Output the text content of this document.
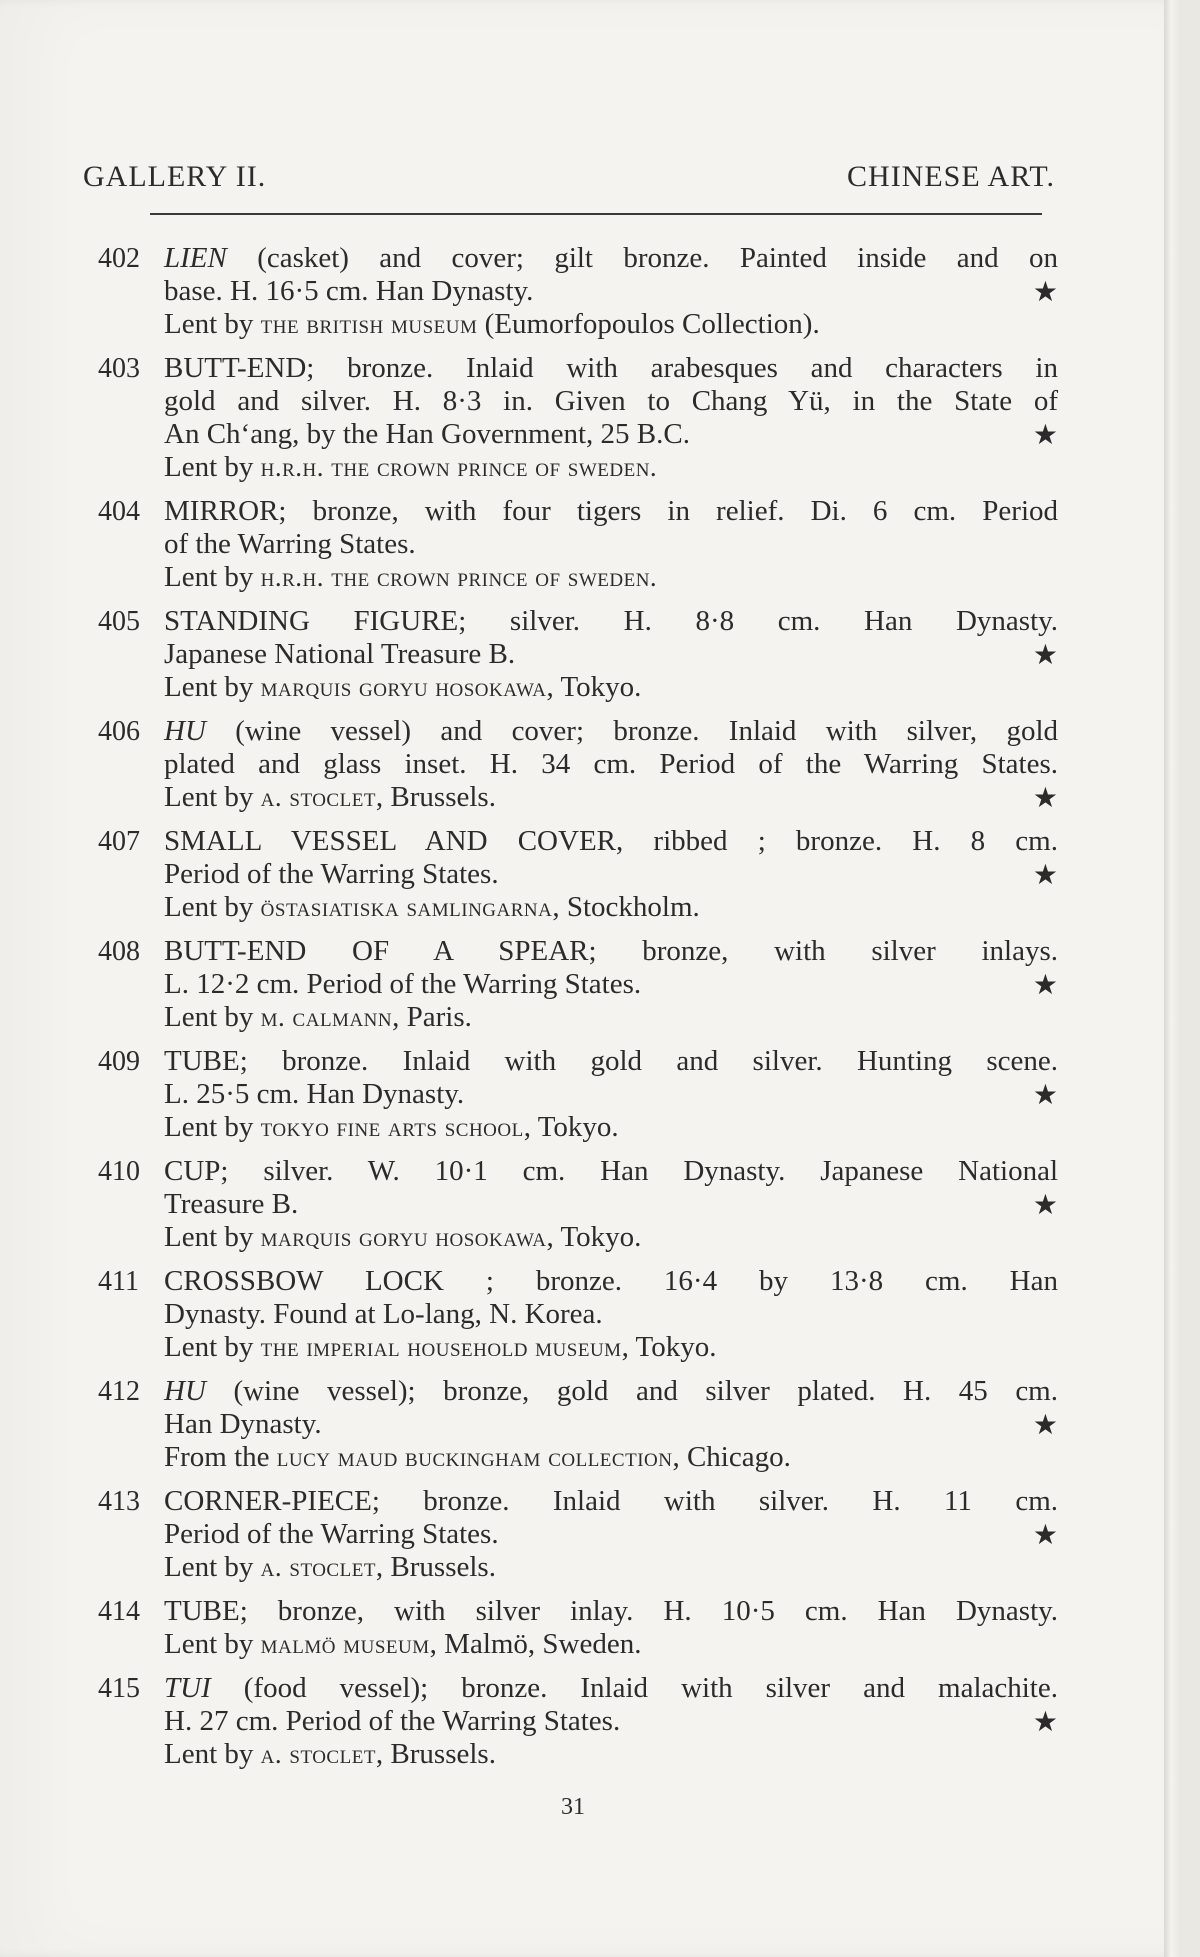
GALLERY II.	CHINESE ART.
402 LIEN (casket) and cover; gilt bronze. Painted inside and on
base. H. 16·5 cm. Han Dynasty.	★
Lent by the british museum (Eumorfopoulos Collection).
403 BUTT-END; bronze. Inlaid with arabesques and characters in
gold and silver. H. 8·3 in. Given to Chang Yü, in the State of
An Ch‘ang, by the Han Government, 25 B.C.	★
Lent by h.r.h. the crown prince of sweden.
404 MIRROR; bronze, with four tigers in relief. Di. 6 cm. Period
of the Warring States.
Lent by h.r.h. the crown prince of sweden.
405 STANDING FIGURE; silver. H. 8·8 cm. Han Dynasty.
Japanese National Treasure B.	★
Lent by marquis goryu hosokawa, Tokyo.
406 HU (wine vessel) and cover; bronze. Inlaid with silver, gold
plated and glass inset. H. 34 cm. Period of the Warring States.
Lent by a. stoclet, Brussels.	★
407 SMALL VESSEL AND COVER, ribbed ; bronze. H. 8 cm.
Period of the Warring States.	★
Lent by östasiatiska samlingarna, Stockholm.
408 BUTT-END OF A SPEAR; bronze, with silver inlays.
L. 12·2 cm. Period of the Warring States.	★
Lent by m. calmann, Paris.
409 TUBE; bronze. Inlaid with gold and silver. Hunting scene.
L. 25·5 cm. Han Dynasty.	★
Lent by tokyo fine arts school, Tokyo.
410 CUP; silver. W. 10·1 cm. Han Dynasty. Japanese National
Treasure B.	★
Lent by marquis goryu hosokawa, Tokyo.
411 CROSSBOW LOCK ; bronze. 16·4 by 13·8 cm. Han
Dynasty. Found at Lo-lang, N. Korea.
Lent by the imperial household museum, Tokyo.
412 HU (wine vessel); bronze, gold and silver plated. H. 45 cm.
Han Dynasty.	★
From the lucy maud buckingham collection, Chicago.
413 CORNER-PIECE; bronze. Inlaid with silver. H. 11 cm.
Period of the Warring States.	★
Lent by a. stoclet, Brussels.
414 TUBE; bronze, with silver inlay. H. 10·5 cm. Han Dynasty.
Lent by malmö museum, Malmö, Sweden.
415 TUI (food vessel); bronze. Inlaid with silver and malachite.
H. 27 cm. Period of the Warring States.	★
Lent by a. stoclet, Brussels.
31
